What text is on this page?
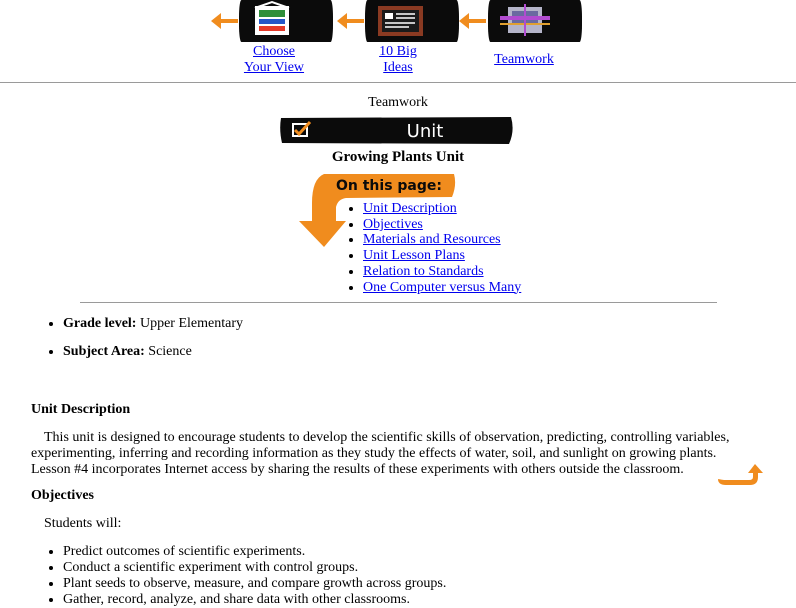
Choose
Your View
10 Big
Ideas
Teamwork
Teamwork
Unit
Growing Plants Unit
On this page:
• Unit Description
• Objectives
• Materials and Resources
• Unit Lesson Plans
• Relation to Standards
• One Computer versus Many
• Grade level: Upper Elementary
• Subject Area: Science
Unit Description

This unit is designed to encourage students to develop the scientific skills of observation, predicting, controlling variables, experimenting, inferring and recording information as they study the effects of water, soil, and sunlight on growing plants. Lesson #4 incorporates Internet access by sharing the results of these experiments with others outside the classroom.

Objectives
Students will:
• Predict outcomes of scientific experiments.
• Conduct a scientific experiment with control groups.
• Plant seeds to observe, measure, and compare growth across groups.
• Gather, record, analyze, and share data with other classrooms.
